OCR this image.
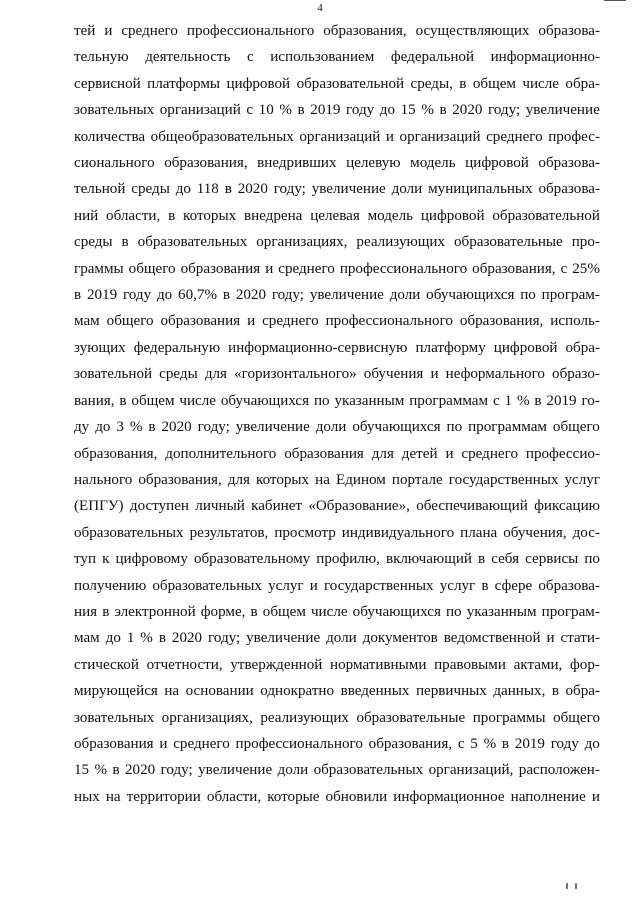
4
тей и среднего профессионального образования, осуществляющих образова-
тельную деятельность с использованием федеральной информационно-
сервисной платформы цифровой образовательной среды, в общем числе обра-
зовательных организаций с 10 % в 2019 году до 15 % в 2020 году; увеличение
количества общеобразовательных организаций и организаций среднего профес-
сионального образования, внедривших целевую модель цифровой образова-
тельной среды до 118 в 2020 году; увеличение доли муниципальных образова-
ний области, в которых внедрена целевая модель цифровой образовательной
среды в образовательных организациях, реализующих образовательные про-
граммы общего образования и среднего профессионального образования, с 25%
в 2019 году до 60,7% в 2020 году; увеличение доли обучающихся по програм-
мам общего образования и среднего профессионального образования, исполь-
зующих федеральную информационно-сервисную платформу цифровой обра-
зовательной среды для «горизонтального» обучения и неформального образо-
вания, в общем числе обучающихся по указанным программам с 1 % в 2019 го-
ду до 3 % в 2020 году; увеличение доли обучающихся по программам общего
образования, дополнительного образования для детей и среднего профессио-
нального образования, для которых на Едином портале государственных услуг
(ЕПГУ) доступен личный кабинет «Образование», обеспечивающий фиксацию
образовательных результатов, просмотр индивидуального плана обучения, дос-
туп к цифровому образовательному профилю, включающий в себя сервисы по
получению образовательных услуг и государственных услуг в сфере образова-
ния в электронной форме, в общем числе обучающихся по указанным програм-
мам до 1 % в 2020 году; увеличение доли документов ведомственной и стати-
стической отчетности, утвержденной нормативными правовыми актами, фор-
мирующейся на основании однократно введенных первичных данных, в обра-
зовательных организациях, реализующих образовательные программы общего
образования и среднего профессионального образования, с 5 % в 2019 году до
15 % в 2020 году; увеличение доли образовательных организаций, расположен-
ных на территории области, которые обновили информационное наполнение и
